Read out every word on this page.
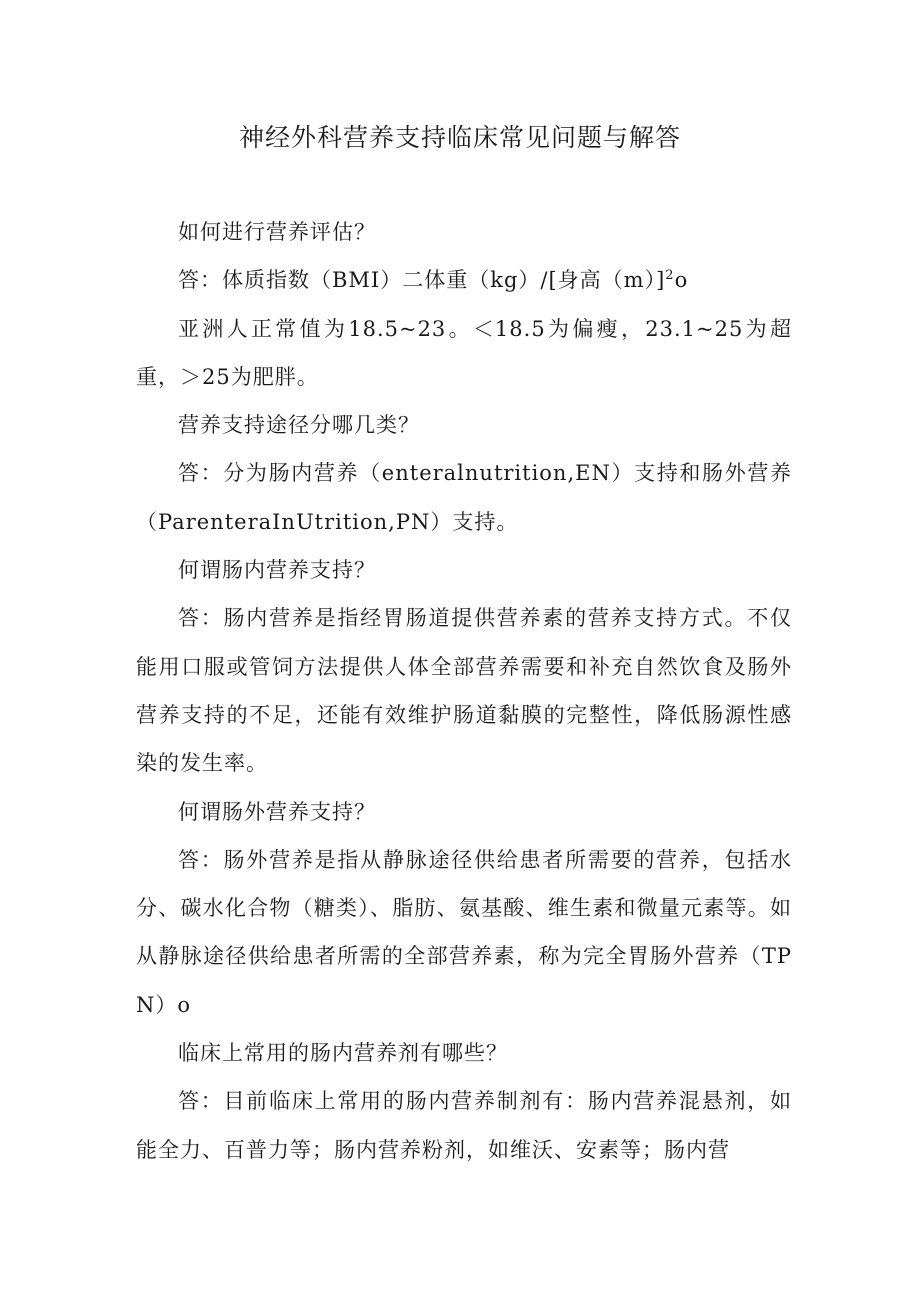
神经外科营养支持临床常见问题与解答

如何进行营养评估？

答：体质指数（BMI）二体重（kg）/[身高（m）]$^2$o

亚洲人正常值为18.5~23。＜18.5为偏瘦，23.1~25为超重，＞25为肥胖。

营养支持途径分哪几类？

答：分为肠内营养（enteralnutrition,EN）支持和肠外营养（ParenteraInUtrition,PN）支持。

何谓肠内营养支持？

答：肠内营养是指经胃肠道提供营养素的营养支持方式。不仅能用口服或管饲方法提供人体全部营养需要和补充自然饮食及肠外营养支持的不足，还能有效维护肠道黏膜的完整性，降低肠源性感染的发生率。

何谓肠外营养支持？

答：肠外营养是指从静脉途径供给患者所需要的营养，包括水分、碳水化合物（糖类）、脂肪、氨基酸、维生素和微量元素等。如从静脉途径供给患者所需的全部营养素，称为完全胃肠外营养（TPN）o

临床上常用的肠内营养剂有哪些？

答：目前临床上常用的肠内营养制剂有：肠内营养混悬剂，如能全力、百普力等；肠内营养粉剂，如维沃、安素等；肠内营
